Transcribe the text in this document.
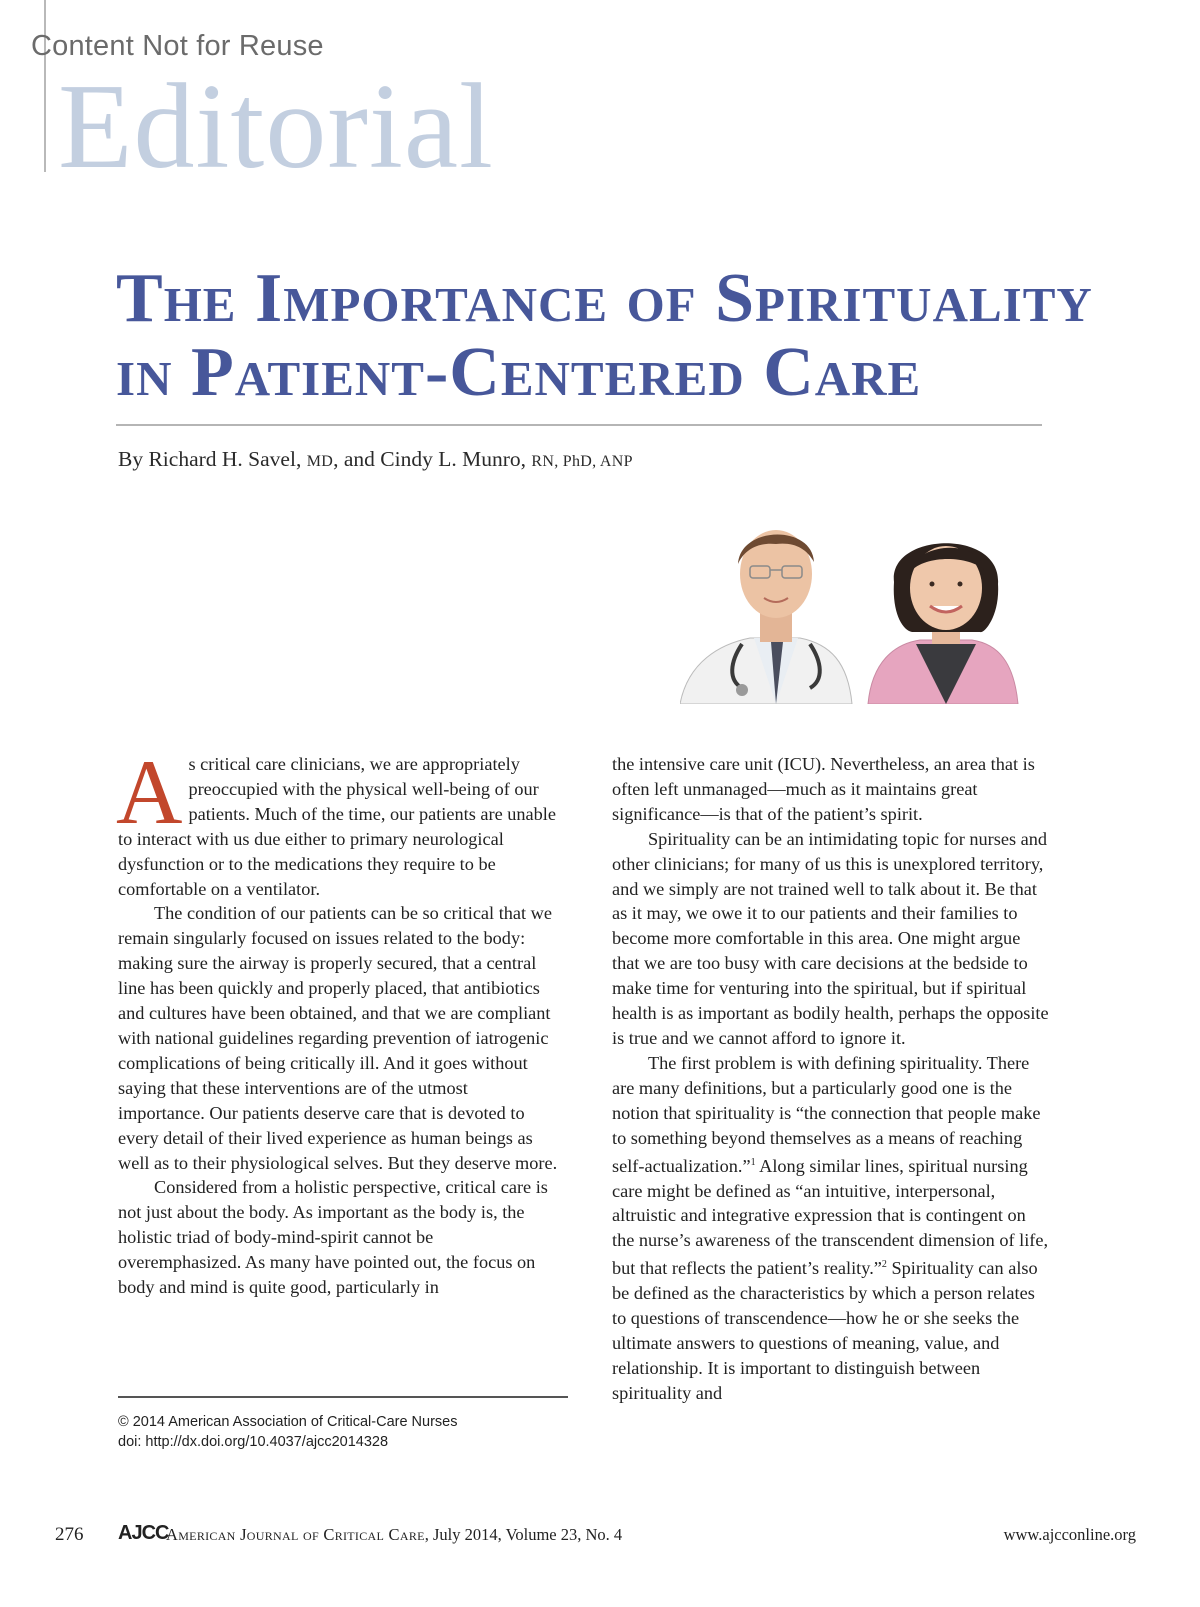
Content Not for Reuse
Editorial
The Importance of Spirituality
in Patient-Centered Care
By Richard H. Savel, MD, and Cindy L. Munro, RN, PhD, ANP

As critical care clinicians, we are appropriately preoccupied with the physical well-being of our patients. Much of the time, our patients are unable to interact with us due either to primary neurological dysfunction or to the medications they require to be comfortable on a ventilator.

The condition of our patients can be so critical that we remain singularly focused on issues related to the body: making sure the airway is properly secured, that a central line has been quickly and properly placed, that antibiotics and cultures have been obtained, and that we are compliant with national guidelines regarding prevention of iatrogenic complications of being critically ill. And it goes without saying that these interventions are of the utmost importance. Our patients deserve care that is devoted to every detail of their lived experience as human beings as well as to their physiological selves. But they deserve more.

Considered from a holistic perspective, critical care is not just about the body. As important as the body is, the holistic triad of body-mind-spirit cannot be overemphasized. As many have pointed out, the focus on body and mind is quite good, particularly in

the intensive care unit (ICU). Nevertheless, an area that is often left unmanaged—much as it maintains great significance—is that of the patient’s spirit.

Spirituality can be an intimidating topic for nurses and other clinicians; for many of us this is unexplored territory, and we simply are not trained well to talk about it. Be that as it may, we owe it to our patients and their families to become more comfortable in this area. One might argue that we are too busy with care decisions at the bedside to make time for venturing into the spiritual, but if spiritual health is as important as bodily health, perhaps the opposite is true and we cannot afford to ignore it.

The first problem is with defining spirituality. There are many definitions, but a particularly good one is the notion that spirituality is “the connection that people make to something beyond themselves as a means of reaching self-actualization.”$^1$ Along similar lines, spiritual nursing care might be defined as “an intuitive, interpersonal, altruistic and integrative expression that is contingent on the nurse’s awareness of the transcendent dimension of life, but that reflects the patient’s reality.”$^2$ Spirituality can also be defined as the characteristics by which a person relates to questions of transcendence—how he or she seeks the ultimate answers to questions of meaning, value, and relationship. It is important to distinguish between spirituality and

© 2014 American Association of Critical-Care Nurses
doi: http://dx.doi.org/10.4037/ajcc2014328
276 AJCC
American Journal of Critical Care, July 2014, Volume 23, No. 4	www.ajcconline.org
